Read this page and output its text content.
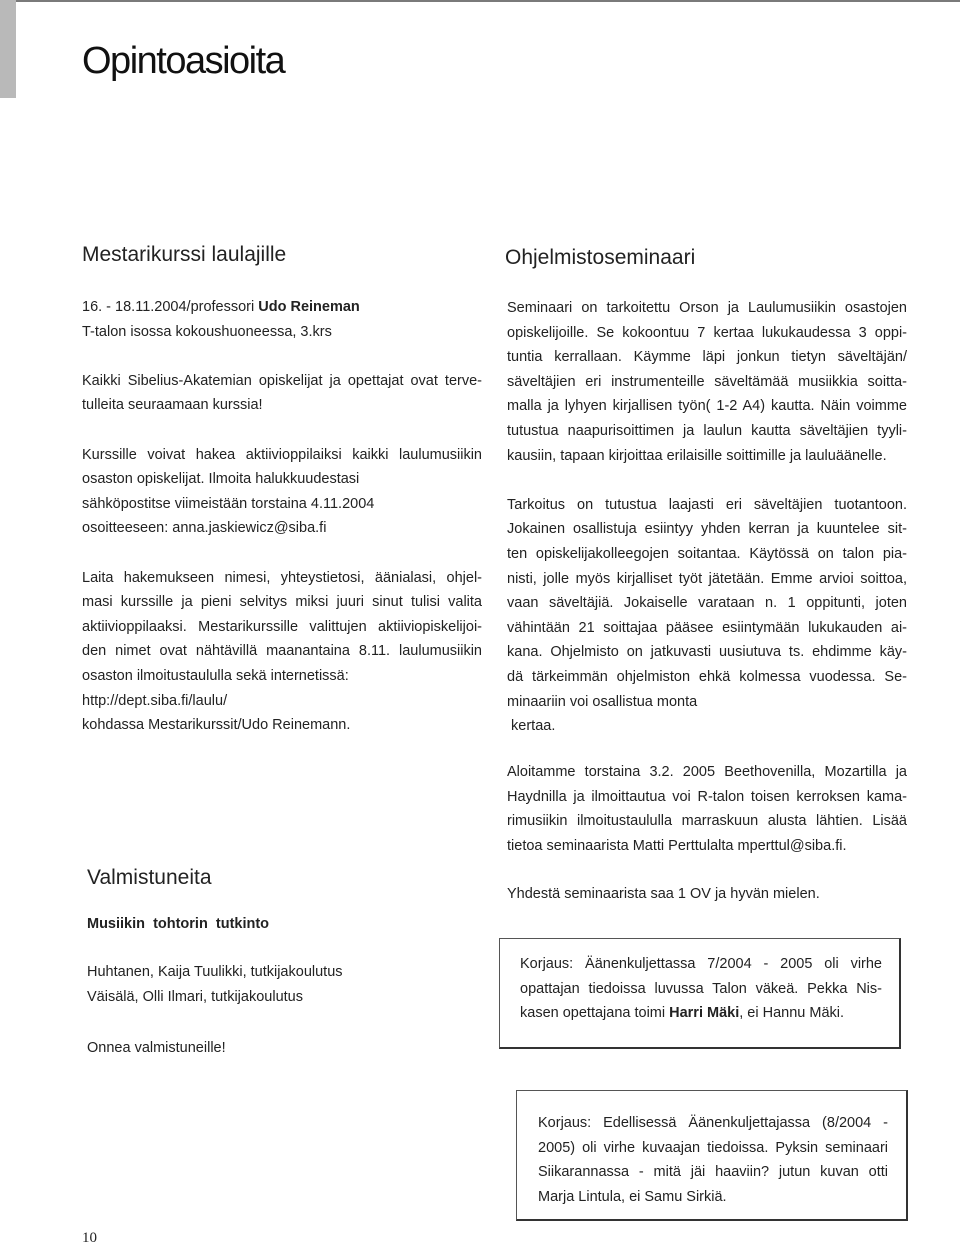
Opintoasioita
Mestarikurssi laulajille

16. - 18.11.2004/professori Udo Reineman
T-talon isossa kokoushuoneessa, 3.krs

Kaikki Sibelius-Akatemian opiskelijat ja opettajat ovat terve-
tulleita seuraamaan kurssia!

Kurssille voivat hakea aktiivioppilaiksi kaikki laulumusiikin
osaston opiskelijat. Ilmoita halukkuudestasi
sähköpostitse viimeistään torstaina 4.11.2004
osoitteeseen: anna.jaskiewicz@siba.fi

Laita hakemukseen nimesi, yhteystietosi, äänialasi, ohjel-
masi kurssille ja pieni selvitys miksi juuri sinut tulisi valita
aktiivioppilaaksi. Mestarikurssille valittujen aktiiviopiskelijoi-
den nimet ovat nähtävillä maanantaina 8.11. laulumusiikin
osaston ilmoitustaululla sekä internetissä:
http://dept.siba.fi/laulu/
kohdassa Mestarikurssit/Udo Reinemann.

Ohjelmistoseminaari

Seminaari on tarkoitettu Orson ja Laulumusiikin osastojen
opiskelijoille. Se kokoontuu 7 kertaa lukukaudessa 3 oppi-
tuntia kerrallaan. Käymme läpi jonkun tietyn säveltäjän/
säveltäjien eri instrumenteille säveltämää musiikkia soitta-
malla ja lyhyen kirjallisen työn( 1-2 A4) kautta. Näin voimme
tutustua naapurisoittimen ja laulun kautta säveltäjien tyyli-
kausiin, tapaan kirjoittaa erilaisille soittimille ja lauluäänelle.

Tarkoitus on tutustua laajasti eri säveltäjien tuotantoon.
Jokainen osallistuja esiintyy yhden kerran ja kuuntelee sit-
ten opiskelijakolleegojen soitantaa. Käytössä on talon pia-
nisti, jolle myös kirjalliset työt jätetään. Emme arvioi soittoa,
vaan säveltäjiä. Jokaiselle varataan n. 1 oppitunti, joten
vähintään 21 soittajaa pääsee esiintymään lukukauden ai-
kana. Ohjelmisto on jatkuvasti uusiutuva ts. ehdimme käy-
dä tärkeimmän ohjelmiston ehkä kolmessa vuodessa. Se-
minaariin voi osallistua monta
kertaa.

Aloitamme torstaina 3.2. 2005 Beethovenilla, Mozartilla ja
Haydnilla ja ilmoittautua voi R-talon toisen kerroksen kama-
rimusiikin ilmoitustaululla marraskuun alusta lähtien. Lisää
tietoa seminaarista Matti Perttulalta mperttul@siba.fi.

Yhdestä seminaarista saa 1 OV ja hyvän mielen.
Valmistuneita
Musiikin  tohtorin  tutkinto
Huhtanen, Kaija Tuulikki, tutkijakoulutus
Väisälä, Olli Ilmari, tutkijakoulutus
Onnea valmistuneille!
Korjaus: Äänenkuljettassa 7/2004 - 2005 oli virhe
opattajan tiedoissa luvussa Talon väkeä. Pekka Nis-
kasen opettajana toimi Harri Mäki, ei Hannu Mäki.
Korjaus: Edellisessä Äänenkuljettajassa (8/2004 -
2005) oli virhe kuvaajan tiedoissa. Pyksin seminaari
Siikarannassa - mitä jäi haaviin? jutun kuvan otti
Marja Lintula, ei Samu Sirkiä.
10
